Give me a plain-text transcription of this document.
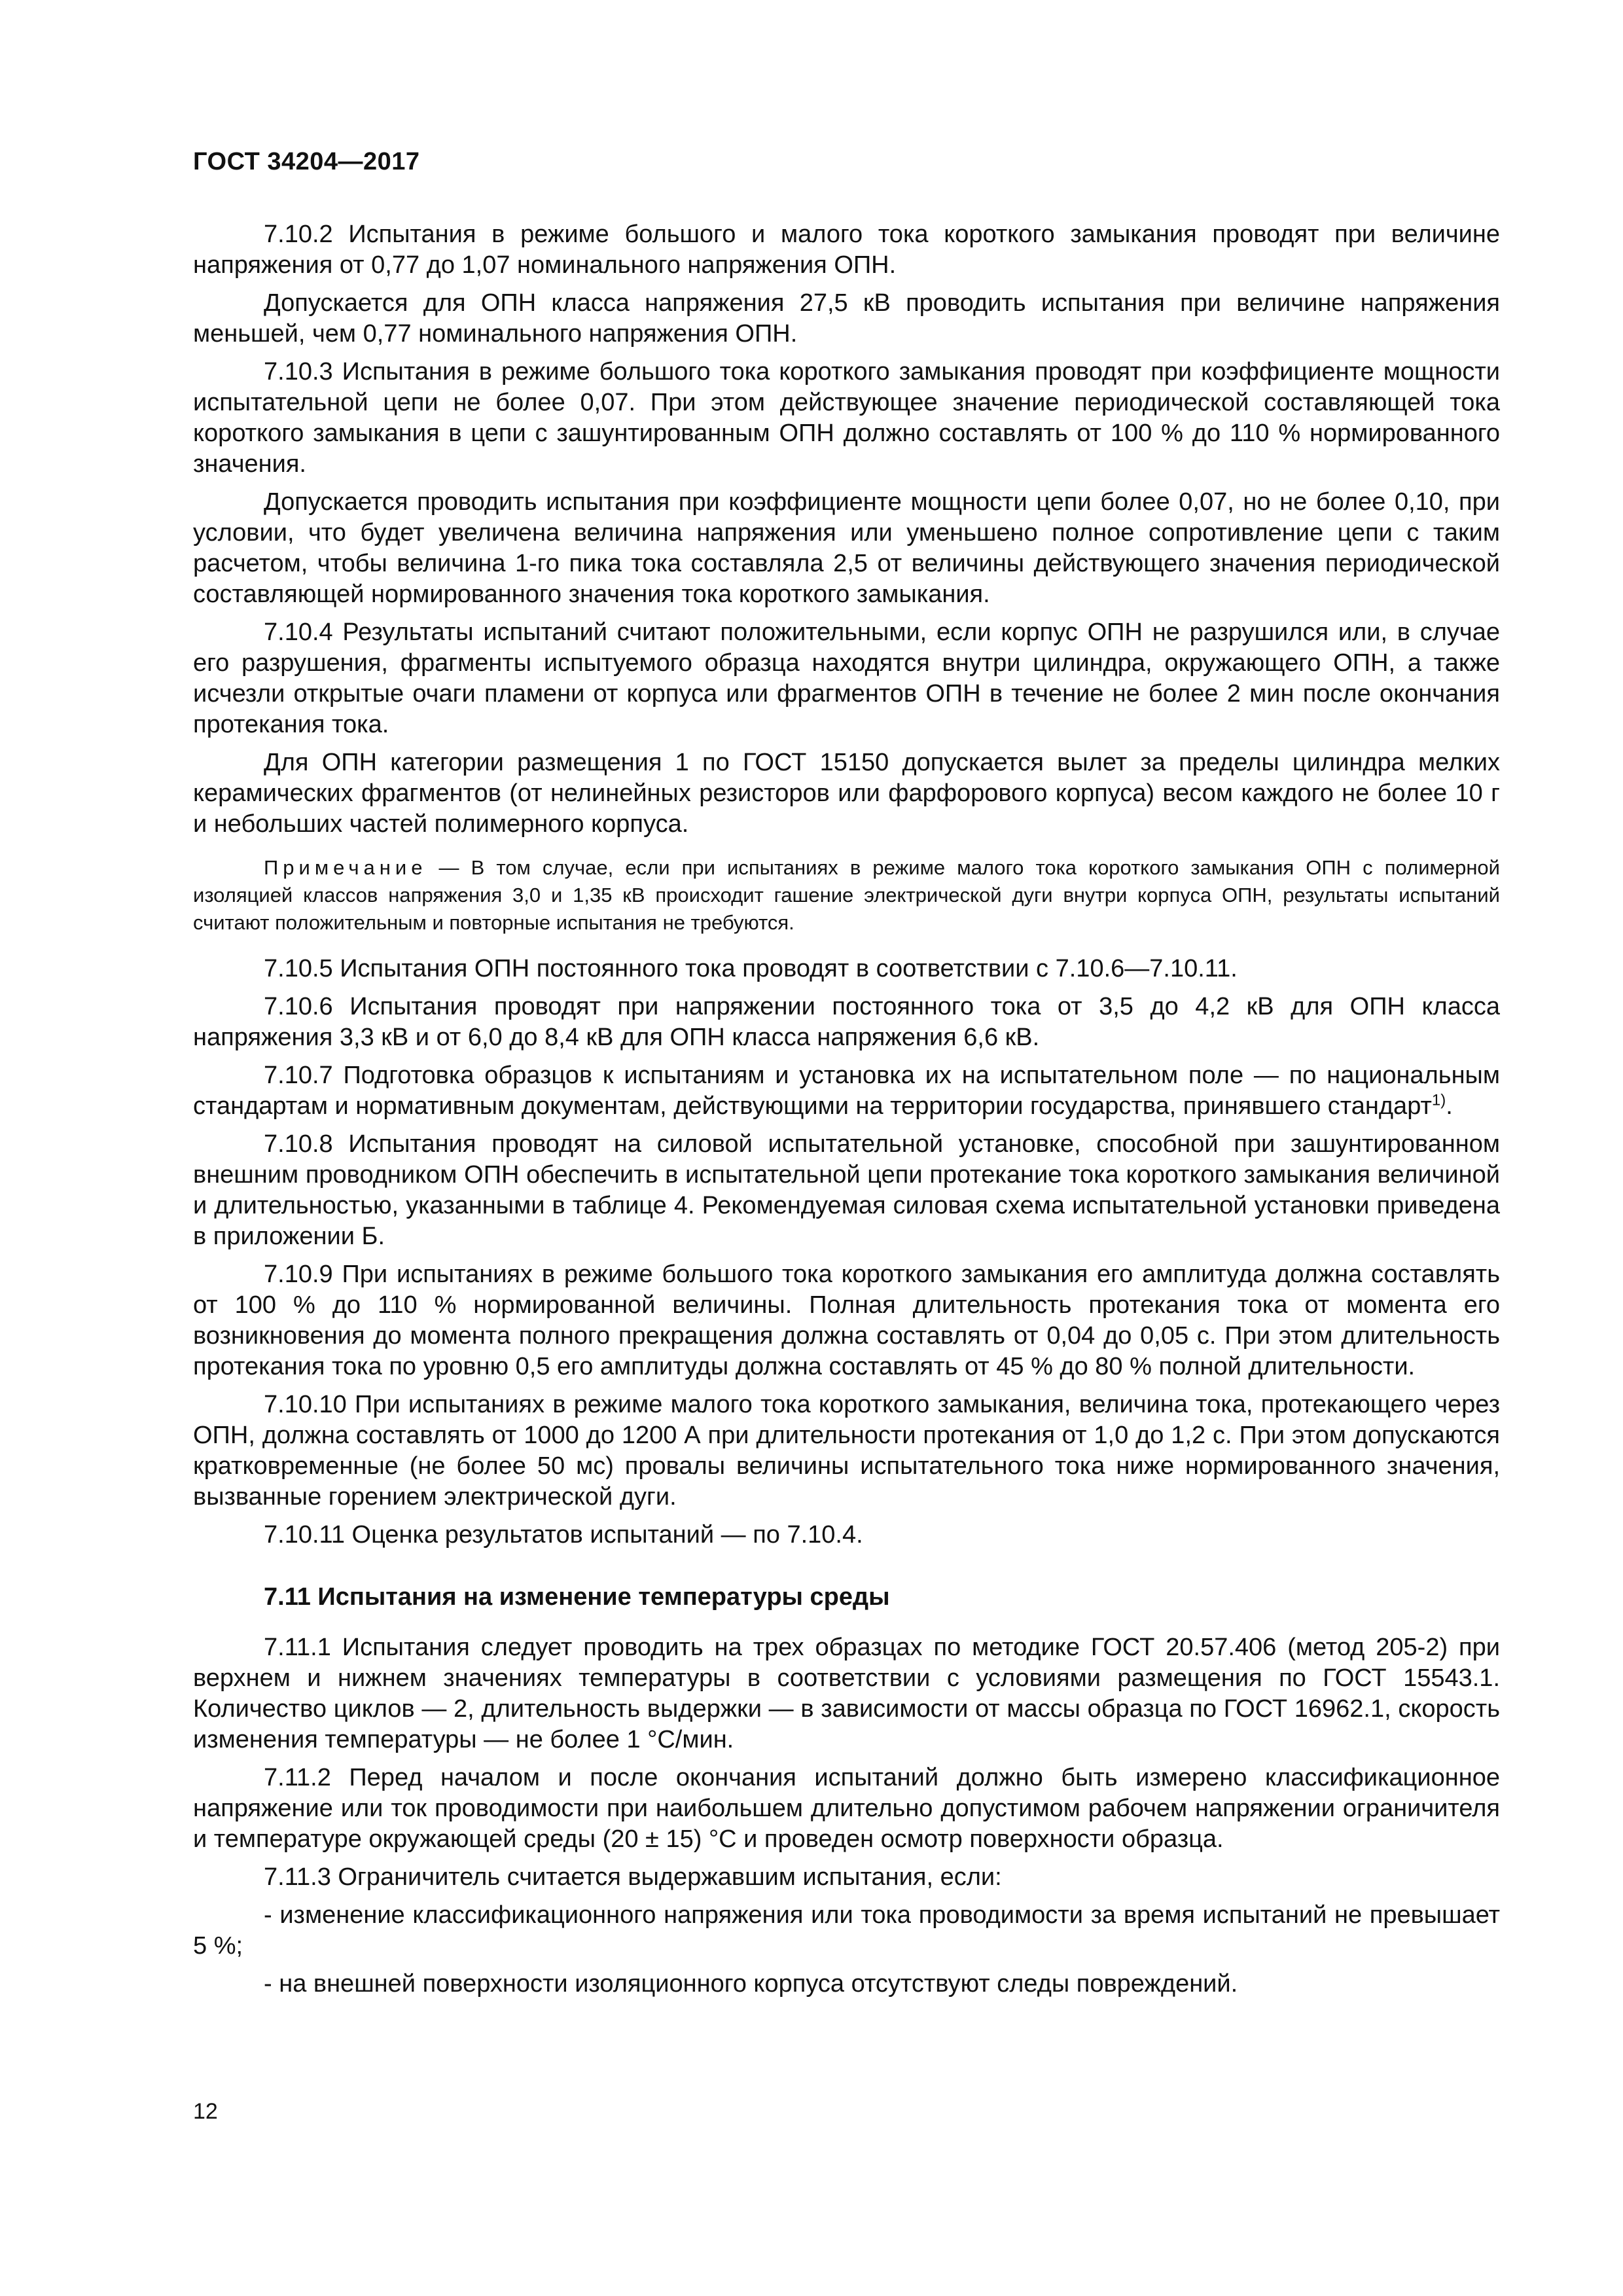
ГОСТ 34204—2017

7.10.2 Испытания в режиме большого и малого тока короткого замыкания проводят при величине напряжения от 0,77 до 1,07 номинального напряжения ОПН.

Допускается для ОПН класса напряжения 27,5 кВ проводить испытания при величине напряжения меньшей, чем 0,77 номинального напряжения ОПН.

7.10.3 Испытания в режиме большого тока короткого замыкания проводят при коэффициенте мощности испытательной цепи не более 0,07. При этом действующее значение периодической составляющей тока короткого замыкания в цепи с зашунтированным ОПН должно составлять от 100 % до 110 % нормированного значения.

Допускается проводить испытания при коэффициенте мощности цепи более 0,07, но не более 0,10, при условии, что будет увеличена величина напряжения или уменьшено полное сопротивление цепи с таким расчетом, чтобы величина 1-го пика тока составляла 2,5 от величины действующего значения периодической составляющей нормированного значения тока короткого замыкания.

7.10.4 Результаты испытаний считают положительными, если корпус ОПН не разрушился или, в случае его разрушения, фрагменты испытуемого образца находятся внутри цилиндра, окружающего ОПН, а также исчезли открытые очаги пламени от корпуса или фрагментов ОПН в течение не более 2 мин после окончания протекания тока.

Для ОПН категории размещения 1 по ГОСТ 15150 допускается вылет за пределы цилиндра мелких керамических фрагментов (от нелинейных резисторов или фарфорового корпуса) весом каждого не более 10 г и небольших частей полимерного корпуса.

Примечание — В том случае, если при испытаниях в режиме малого тока короткого замыкания ОПН с полимерной изоляцией классов напряжения 3,0 и 1,35 кВ происходит гашение электрической дуги внутри корпуса ОПН, результаты испытаний считают положительным и повторные испытания не требуются.

7.10.5 Испытания ОПН постоянного тока проводят в соответствии с 7.10.6—7.10.11.

7.10.6 Испытания проводят при напряжении постоянного тока от 3,5 до 4,2 кВ для ОПН класса напряжения 3,3 кВ и от 6,0 до 8,4 кВ для ОПН класса напряжения 6,6 кВ.

7.10.7 Подготовка образцов к испытаниям и установка их на испытательном поле — по национальным стандартам и нормативным документам, действующими на территории государства, принявшего стандарт$^{1)}$.

7.10.8 Испытания проводят на силовой испытательной установке, способной при зашунтированном внешним проводником ОПН обеспечить в испытательной цепи протекание тока короткого замыкания величиной и длительностью, указанными в таблице 4. Рекомендуемая силовая схема испытательной установки приведена в приложении Б.

7.10.9 При испытаниях в режиме большого тока короткого замыкания его амплитуда должна составлять от 100 % до 110 % нормированной величины. Полная длительность протекания тока от момента его возникновения до момента полного прекращения должна составлять от 0,04 до 0,05 с. При этом длительность протекания тока по уровню 0,5 его амплитуды должна составлять от 45 % до 80 % полной длительности.

7.10.10 При испытаниях в режиме малого тока короткого замыкания, величина тока, протекающего через ОПН, должна составлять от 1000 до 1200 А при длительности протекания от 1,0 до 1,2 с. При этом допускаются кратковременные (не более 50 мс) провалы величины испытательного тока ниже нормированного значения, вызванные горением электрической дуги.

7.10.11 Оценка результатов испытаний — по 7.10.4.

7.11 Испытания на изменение температуры среды

7.11.1 Испытания следует проводить на трех образцах по методике ГОСТ 20.57.406 (метод 205-2) при верхнем и нижнем значениях температуры в соответствии с условиями размещения по ГОСТ 15543.1. Количество циклов — 2, длительность выдержки — в зависимости от массы образца по ГОСТ 16962.1, скорость изменения температуры — не более 1 °С/мин.

7.11.2 Перед началом и после окончания испытаний должно быть измерено классификационное напряжение или ток проводимости при наибольшем длительно допустимом рабочем напряжении ограничителя и температуре окружающей среды (20 ± 15) °С и проведен осмотр поверхности образца.

7.11.3 Ограничитель считается выдержавшим испытания, если:

- изменение классификационного напряжения или тока проводимости за время испытаний не превышает 5 %;

- на внешней поверхности изоляционного корпуса отсутствуют следы повреждений.

12
